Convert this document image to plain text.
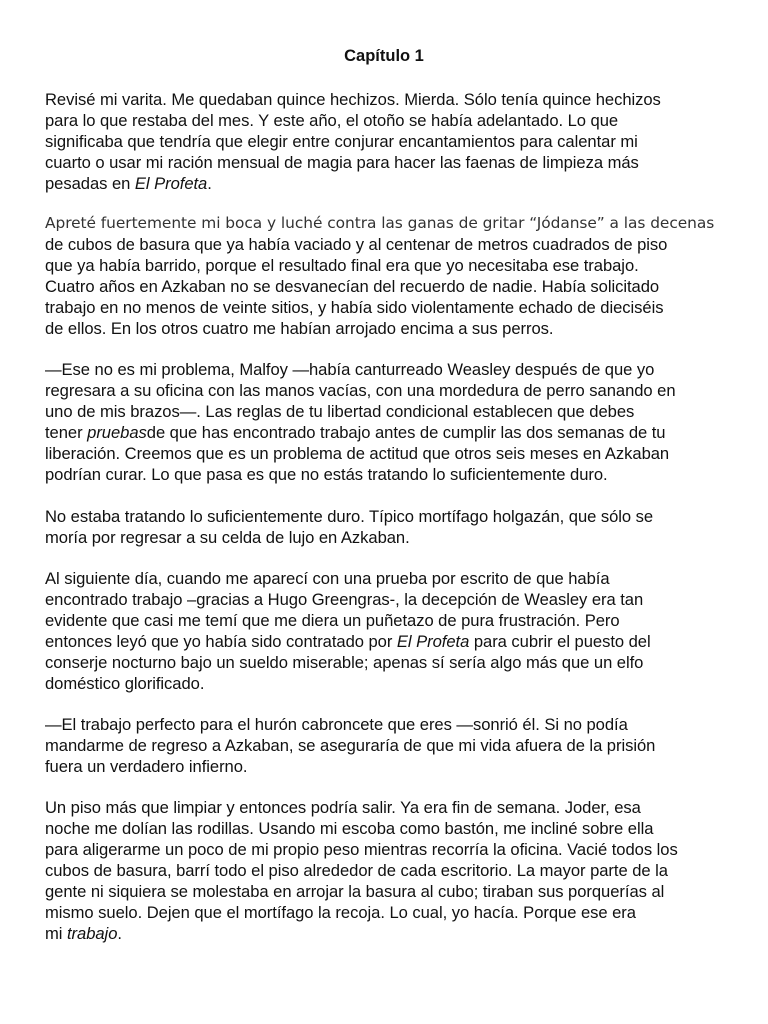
Capítulo 1
Revisé mi varita. Me quedaban quince hechizos. Mierda. Sólo tenía quince hechizos
para lo que restaba del mes. Y este año, el otoño se había adelantado. Lo que
significaba que tendría que elegir entre conjurar encantamientos para calentar mi
cuarto o usar mi ración mensual de magia para hacer las faenas de limpieza más
pesadas en El Profeta.
Apreté fuertemente mi boca y luché contra las ganas de gritar “Jódanse” a las decenas
de cubos de basura que ya había vaciado y al centenar de metros cuadrados de piso
que ya había barrido, porque el resultado final era que yo necesitaba ese trabajo.
Cuatro años en Azkaban no se desvanecían del recuerdo de nadie. Había solicitado
trabajo en no menos de veinte sitios, y había sido violentamente echado de dieciséis
de ellos. En los otros cuatro me habían arrojado encima a sus perros.
—Ese no es mi problema, Malfoy —había canturreado Weasley después de que yo
regresara a su oficina con las manos vacías, con una mordedura de perro sanando en
uno de mis brazos—. Las reglas de tu libertad condicional establecen que debes
tener pruebasde que has encontrado trabajo antes de cumplir las dos semanas de tu
liberación. Creemos que es un problema de actitud que otros seis meses en Azkaban
podrían curar. Lo que pasa es que no estás tratando lo suficientemente duro.
No estaba tratando lo suficientemente duro. Típico mortífago holgazán, que sólo se
moría por regresar a su celda de lujo en Azkaban.
Al siguiente día, cuando me aparecí con una prueba por escrito de que había
encontrado trabajo –gracias a Hugo Greengras-, la decepción de Weasley era tan
evidente que casi me temí que me diera un puñetazo de pura frustración. Pero
entonces leyó que yo había sido contratado por El Profeta para cubrir el puesto del
conserje nocturno bajo un sueldo miserable; apenas sí sería algo más que un elfo
doméstico glorificado.
—El trabajo perfecto para el hurón cabroncete que eres —sonrió él. Si no podía
mandarme de regreso a Azkaban, se aseguraría de que mi vida afuera de la prisión
fuera un verdadero infierno.
Un piso más que limpiar y entonces podría salir. Ya era fin de semana. Joder, esa
noche me dolían las rodillas. Usando mi escoba como bastón, me incliné sobre ella
para aligerarme un poco de mi propio peso mientras recorría la oficina. Vacié todos los
cubos de basura, barrí todo el piso alrededor de cada escritorio. La mayor parte de la
gente ni siquiera se molestaba en arrojar la basura al cubo; tiraban sus porquerías al
mismo suelo. Dejen que el mortífago la recoja. Lo cual, yo hacía. Porque ese era
mi trabajo.
